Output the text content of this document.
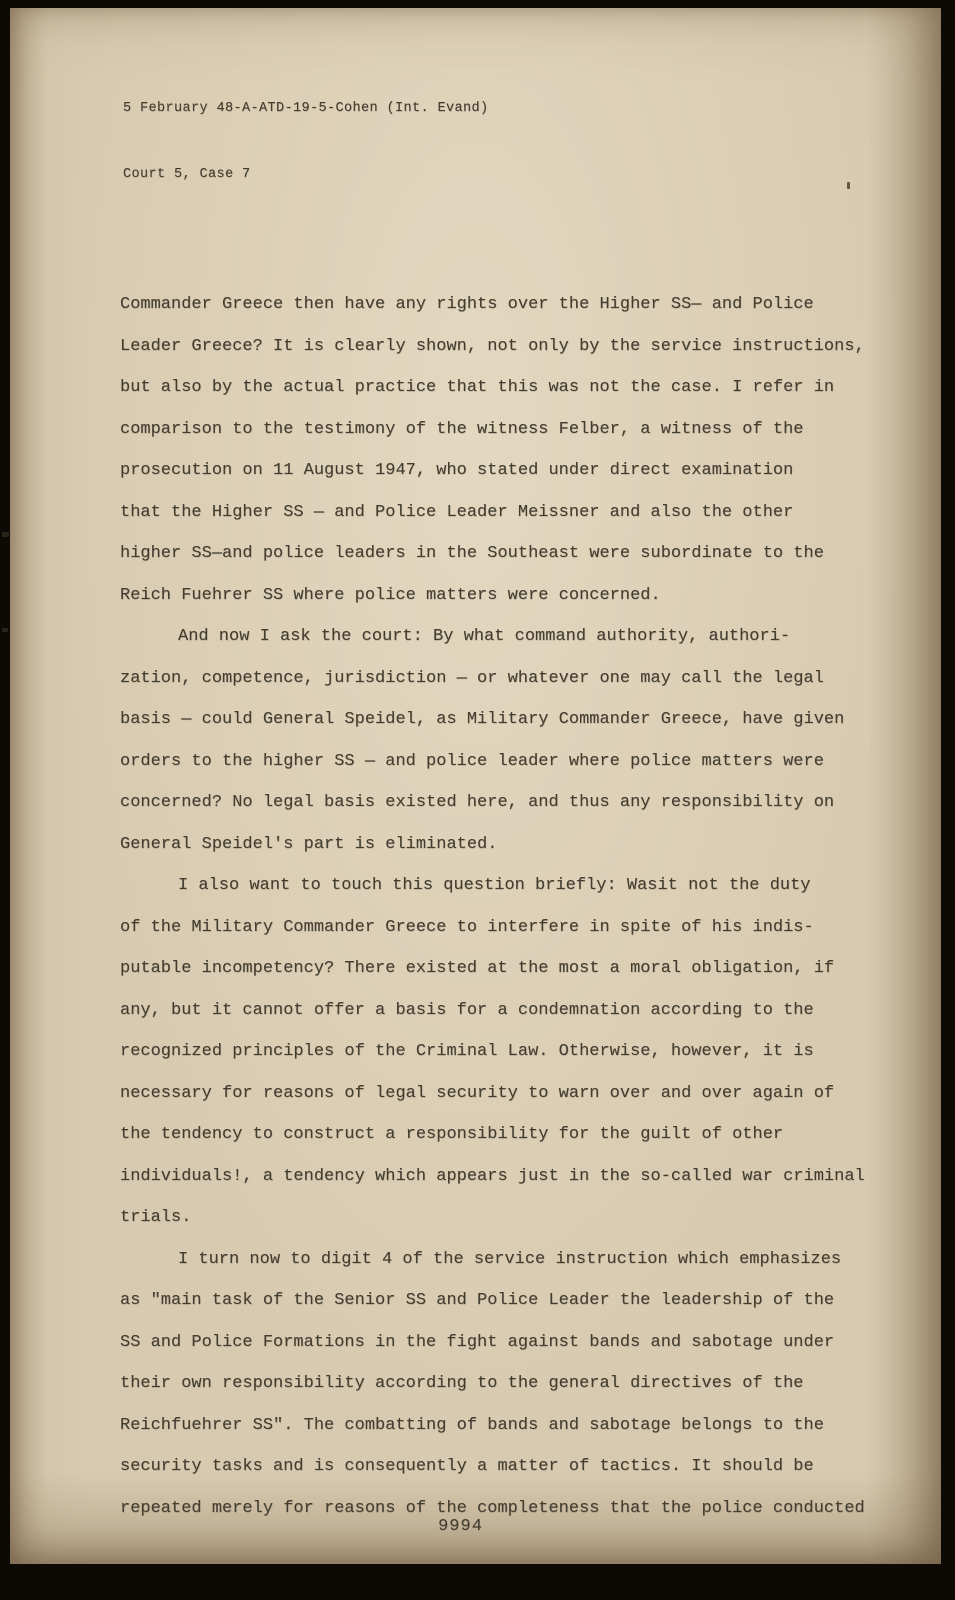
5 February 48-A-ATD-19-5-Cohen (Int. Evand)

Court 5, Case 7

Commander Greece then have any rights over the Higher SS— and Police
Leader Greece? It is clearly shown, not only by the service instructions,
but also by the actual practice that this was not the case. I refer in
comparison to the testimony of the witness Felber, a witness of the
prosecution on 11 August 1947, who stated under direct examination
that the Higher SS — and Police Leader Meissner and also the other
higher SS—and police leaders in the Southeast were subordinate to the
Reich Fuehrer SS where police matters were concerned.
And now I ask the court: By what command authority, authori-
zation, competence, jurisdiction — or whatever one may call the legal
basis — could General Speidel, as Military Commander Greece, have given
orders to the higher SS — and police leader where police matters were
concerned? No legal basis existed here, and thus any responsibility on
General Speidel's part is eliminated.
I also want to touch this question briefly: Wasit not the duty
of the Military Commander Greece to interfere in spite of his indis-
putable incompetency? There existed at the most a moral obligation, if
any, but it cannot offer a basis for a condemnation according to the
recognized principles of the Criminal Law. Otherwise, however, it is
necessary for reasons of legal security to warn over and over again of
the tendency to construct a responsibility for the guilt of other
individuals!, a tendency which appears just in the so-called war criminal
trials.
I turn now to digit 4 of the service instruction which emphasizes
as "main task of the Senior SS and Police Leader the leadership of the
SS and Police Formations in the fight against bands and sabotage under
their own responsibility according to the general directives of the
Reichfuehrer SS". The combatting of bands and sabotage belongs to the
security tasks and is consequently a matter of tactics. It should be
repeated merely for reasons of the completeness that the police conducted
9994
